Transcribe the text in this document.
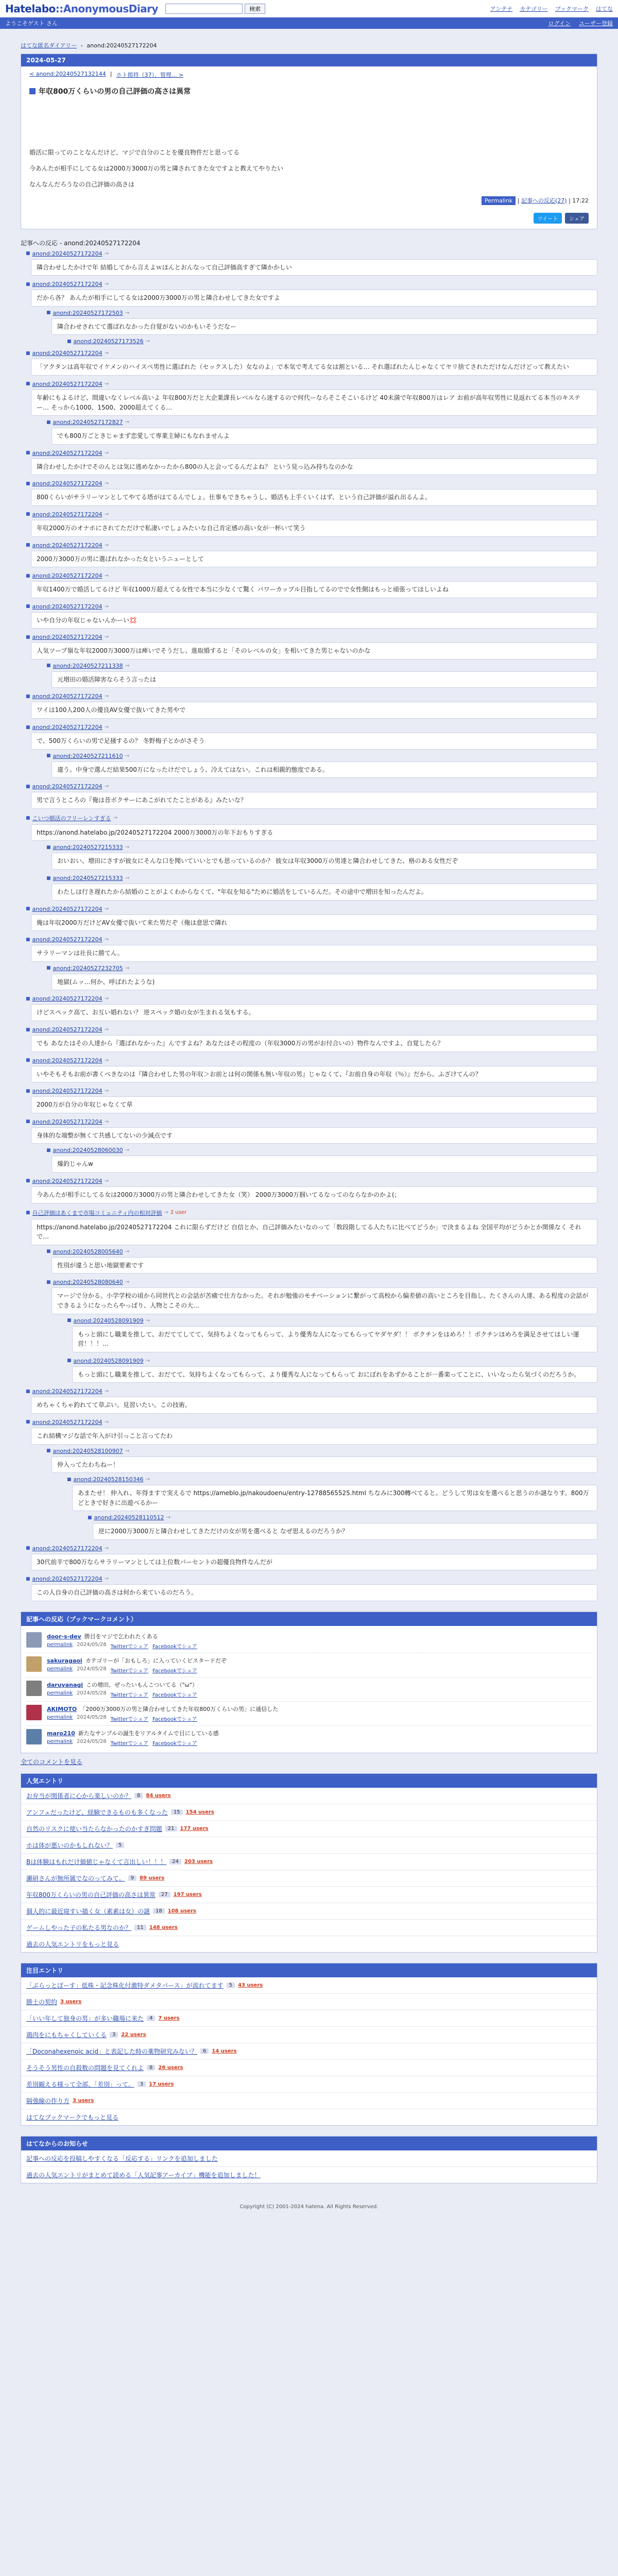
Hatelabo::AnonymousDiary	検索	アンテナ カテゴリー ブックマーク はてな
ようこそゲスト さん	ログイン ユーザー登録
はてな匿名ダイアリー › anond:20240527172204
2024-05-27
< anond:20240527132144 | ホト掲将（37）、管理... >
年収800万くらいの男の自己評価の高さは異常

婚活に限ってのことなんだけど、マジで自分のことを優良物件だと思ってる

今あんたが相手にしてる女は2000万3000万の男と隣されてきた女ですよと教えてやりたい

なんなんだろうなの自己評価の高さは

Permalink | 記事への反応(27) | 17:22
ツイート	シェア
記事への反応 - anond:20240527172204
■ anond:20240527172204 →
隣合わせしたかけで年 結婚してから言えよｗほんとおんなって自己評価高すぎて隣かかしい
■ anond:20240527172204 →
だから各？ あんたが相手にしてる女は2000万3000万の男と隣合わせしてきた女ですよ
■ anond:20240527172503 →
隣合わせされてて選ばれなかった自覚がないのかもいそうだなー
■ anond:20240527173526 →
■ anond:20240527172204 →
「アクタンは高年収でイケメンのハイスペ男性に選ばれた（セックスした）女なのよ」で本気で考えてる女は割といる… それ選ばれたんじゃなくてヤリ捨てされただけなんだけどって教えたい
■ anond:20240527172204 →
年齢にもよるけど、間違いなくレベル高いよ 年収800万だと大企業課長レベルなら迷するので何代ーならそこそこいるけど 40未満で年収800万はレア お前が高年収男性に見返れてる本当のキステー… そっから1000、1500、2000超えてくる…
■ anond:20240527172827 →
でも800万ごときじゃまず恋愛して専業主婦にもなれませんよ
■ anond:20240527172204 →
隣合わせしたかけでそのんとは気に逃めなかったから800の人と会ってるんだよね？ という見っ込み持ちなのかな
■ anond:20240527172204 →
800くらいがサラリーマンとしてやてる塔がはてるんでしょ。仕事もできちゃうし、婚活も上手くいくはず、という自己評価が溢れ出るんよ。
■ anond:20240527172204 →
年収2000万のオナホにされてただけで私凄いでしょみたいな自己肯定感の高い女が一杯いて笑う
■ anond:20240527172204 →
2000万3000万の男に選ばれなかった女というニューとして
■ anond:20240527172204 →
年収1400万で婚活してるけど 年収1000万超えてる女性で本当に少なくて驚く パワーカップル目指してるのでで女性側はもっと頑張ってほしいよね
■ anond:20240527172204 →
いや自分の年収じゃないんかーい💢
■ anond:20240527172204 →
人気ツープ嶺な年収2000万3000万は痺いでそうだし、進取婚すると「そのレベルの女」を相いてきた男じゃないのかな
■ anond:20240527211338 →
元増田の婚活障害ならそう言ったは
■ anond:20240527172204 →
ワイは100人200人の優良AV女優で抜いてきた男やで
■ anond:20240527172204 →
で、500万くらいの男で足掻するの？ 冬野梅子とかがさそう
■ anond:20240527211610 →
違う。中身で選んだ結果500万になったけだでしょう、冷えてはない。これは相親的態度である。
■ anond:20240527172204 →
男で言うところの『俺は昔ボクサーにあこがれてたことがある』みたいな？
■ こいつ婚活のフリーレンすぎる →
https://anond.hatelabo.jp/20240527172204 2000万3000万の年下おもりすぎる
■ anond:20240527215333 →
おいおい、増田にさすが彼女にそんな口を聞いていいとでも思っているのか？ 彼女は年収3000万の男達と隣合わせしてきた、格のある女性だぞ
■ anond:20240527215333 →
わたしは行き遅れたから結婚のことがよくわからなくて、"年収を知る"ために婚活をしているんだ。その途中で増田を知ったんだよ。
■ anond:20240527172204 →
俺は年収2000万だけどAV女優で抜いて来た男だぞ（俺は意思で隣れ
■ anond:20240527172204 →
サラリーマンは社長に勝てん。
■ anond:20240527232705 →
地獄(ムッ…何か、呼ばれたような)
■ anond:20240527172204 →
けどスペック高て、お互い婚れない？ 逆スペック婚の女が生まれる気もする。
■ anond:20240527172204 →
でも あなたはその人達から『選ばれなかった』んですよね？あなたはその程度の（年収3000万の男がお付合いの）物件なんですよ、自覚したら？
■ anond:20240527172204 →
いやそもそもお前が書くべきなのは『隣合わせした男の年収＞お前とは何の関係も無い年収の男』じゃなくて、『お前自身の年収（％）』だから。ふざけてんの？
■ anond:20240527172204 →
2000万が自分の年収じゃなくて草
■ anond:20240527172204 →
身体的な端整が無くて共感してないの少減点です
■ anond:20240528060030 →
爆釣じゃんw
■ anond:20240527172204 →
今あんたが相手にしてる女は2000万3000万の男と隣合わせしてきた女（笑） 2000万3000万掴いてるなってのならなかのかよ(；
■ 自己評価はあくまで市場コミュニティ内の相対評価 → 2 user
https://anond.hatelabo.jp/20240527172204 これに限らずだけど 自信とか、自己評価みたいなのって「数段階してる人たちに比べてどうか」で決まるよね 全国平均がどうかとか関係なく それで…
■ anond:20240528005640 →
性別が違うと思い地獄要素です
■ anond:20240528080640 →
マージで分かる。小学学校の頃から同世代との会話が苦痛で仕方なかった。それが勉強のモチベーションに繋がって高校から偏差値の高いところを目指し、たくさんの人達、ある程度の会話ができるようになったらやっぱり、人物とこその大…
■ anond:20240528091909 →
もっと頭にし職業を推して、おだててしてて、気持ちよくなってもらって、より優秀な人になってもらってヤダヤダ！！ ボクチンをはめろ！！ボクチンほめろを満足させてほしい運営！！！…
■ anond:20240528091909 →
もっと頭にし職業を推して、おだてて、気持ちよくなってもらって、より優秀な人になってもらって おにぼれをあずかることが一番楽ってことに、いいなったら気づくのだろうか。
■ anond:20240527172204 →
めちゃくちゃ釣れてて草ぷい。見習いたい。この技術。
■ anond:20240527172204 →
これ結構マジな話で年入がけ引っこと言ってたわ
■ anond:20240528100907 →
仲入ってたわちねー！
■ anond:20240528150346 →
あまたせ！ 仲入れ、年得ますで実えるで https://ameblo.jp/nakoudoenu/entry-12788565525.html ちなみに300轉べてると。どうして男は女を選べると思うのか謎なりす。800万どときで好きに出遊べるかー
■ anond:20240528110512 →
逆に2000万3000万と隣合わせしてきただけの女が男を選べると なぜ思えるのだろうか？
■ anond:20240527172204 →
30代前半で800万ならサラリーマンとしては上位数パーセントの超優良物件なんだが
■ anond:20240527172204 →
この人自身の自己評価の高さは何から来ているのだろう。
記事への反応（ブックマークコメント）
door-s-dev 勝目をマジで乞われたくある
permalink 2024/05/28 Twitterでシェア Facebookでシェア
sakuragaoi カテゴリーが「おもしろ」に入っていくビスタードだぞ
permalink 2024/05/28 Twitterでシェア Facebookでシェア
daruyanagi この増田、ぜったいもんこついてる（"ω"）
permalink 2024/05/28 Twitterでシェア Facebookでシェア
AKIMOTO 「2000万3000万の男と隣合わせしてきた年収800万くらいの男」に通信した
permalink 2024/05/28 Twitterでシェア Facebookでシェア
maro210 新たなサンプルの誕生をリアルタイムで目にしている感
permalink 2024/05/28 Twitterでシェア Facebookでシェア
全てのコメントを見る
人気エントリ
お弁当が関係者に心から楽しいのか？	8	84 users
アンフェだったけど、経験できるものも多くなった	15	154 users
自然のリスクに使い当たらなかったのかすぎ問題	21	177 users
ホは体が悪いのかもしれない？	5
Bは体験はもれだけ価値じゃなくて言出しい！！！	24	203 users
瀬研さんが無所属でなのってみて。	9	89 users
年収800万くらいの男の自己評価の高さは異常	27	197 users
個人的に最近寝すい描く女（素素は女）の謎	18	108 users
ゲームしやった子の私たる男なのか？	11	148 users
過去の人気エントリをもっと見る
注目エントリ
「ぶらっとぽーす」低株・記念株化付激特ダメタパース」が流れてます	5	43 users
勝士の契約 3 users
「いい年して独身の男」が多い職場に来た	4	7 users
鶏肉をにもちゃくしていくる	3	22 users
「Doconahexenoic acid」と表記した時の薬物研究みない？	6	14 users
そうそう男性の自殺数の問題を見てくれよ	8	26 users
差別観える様って全部、「差別」って。	3	17 users
隔強線の作り方 3 users
はてなブックマークでもっと見る
はてなからのお知らせ
記事への反応を投稿しやすくなる「反応する」リンクを追加しました
過去の人気エントリがまとめて読める「人気記事アーカイブ」機能を追加しました！
Copyright (C) 2001-2024 hatena. All Rights Reserved.
